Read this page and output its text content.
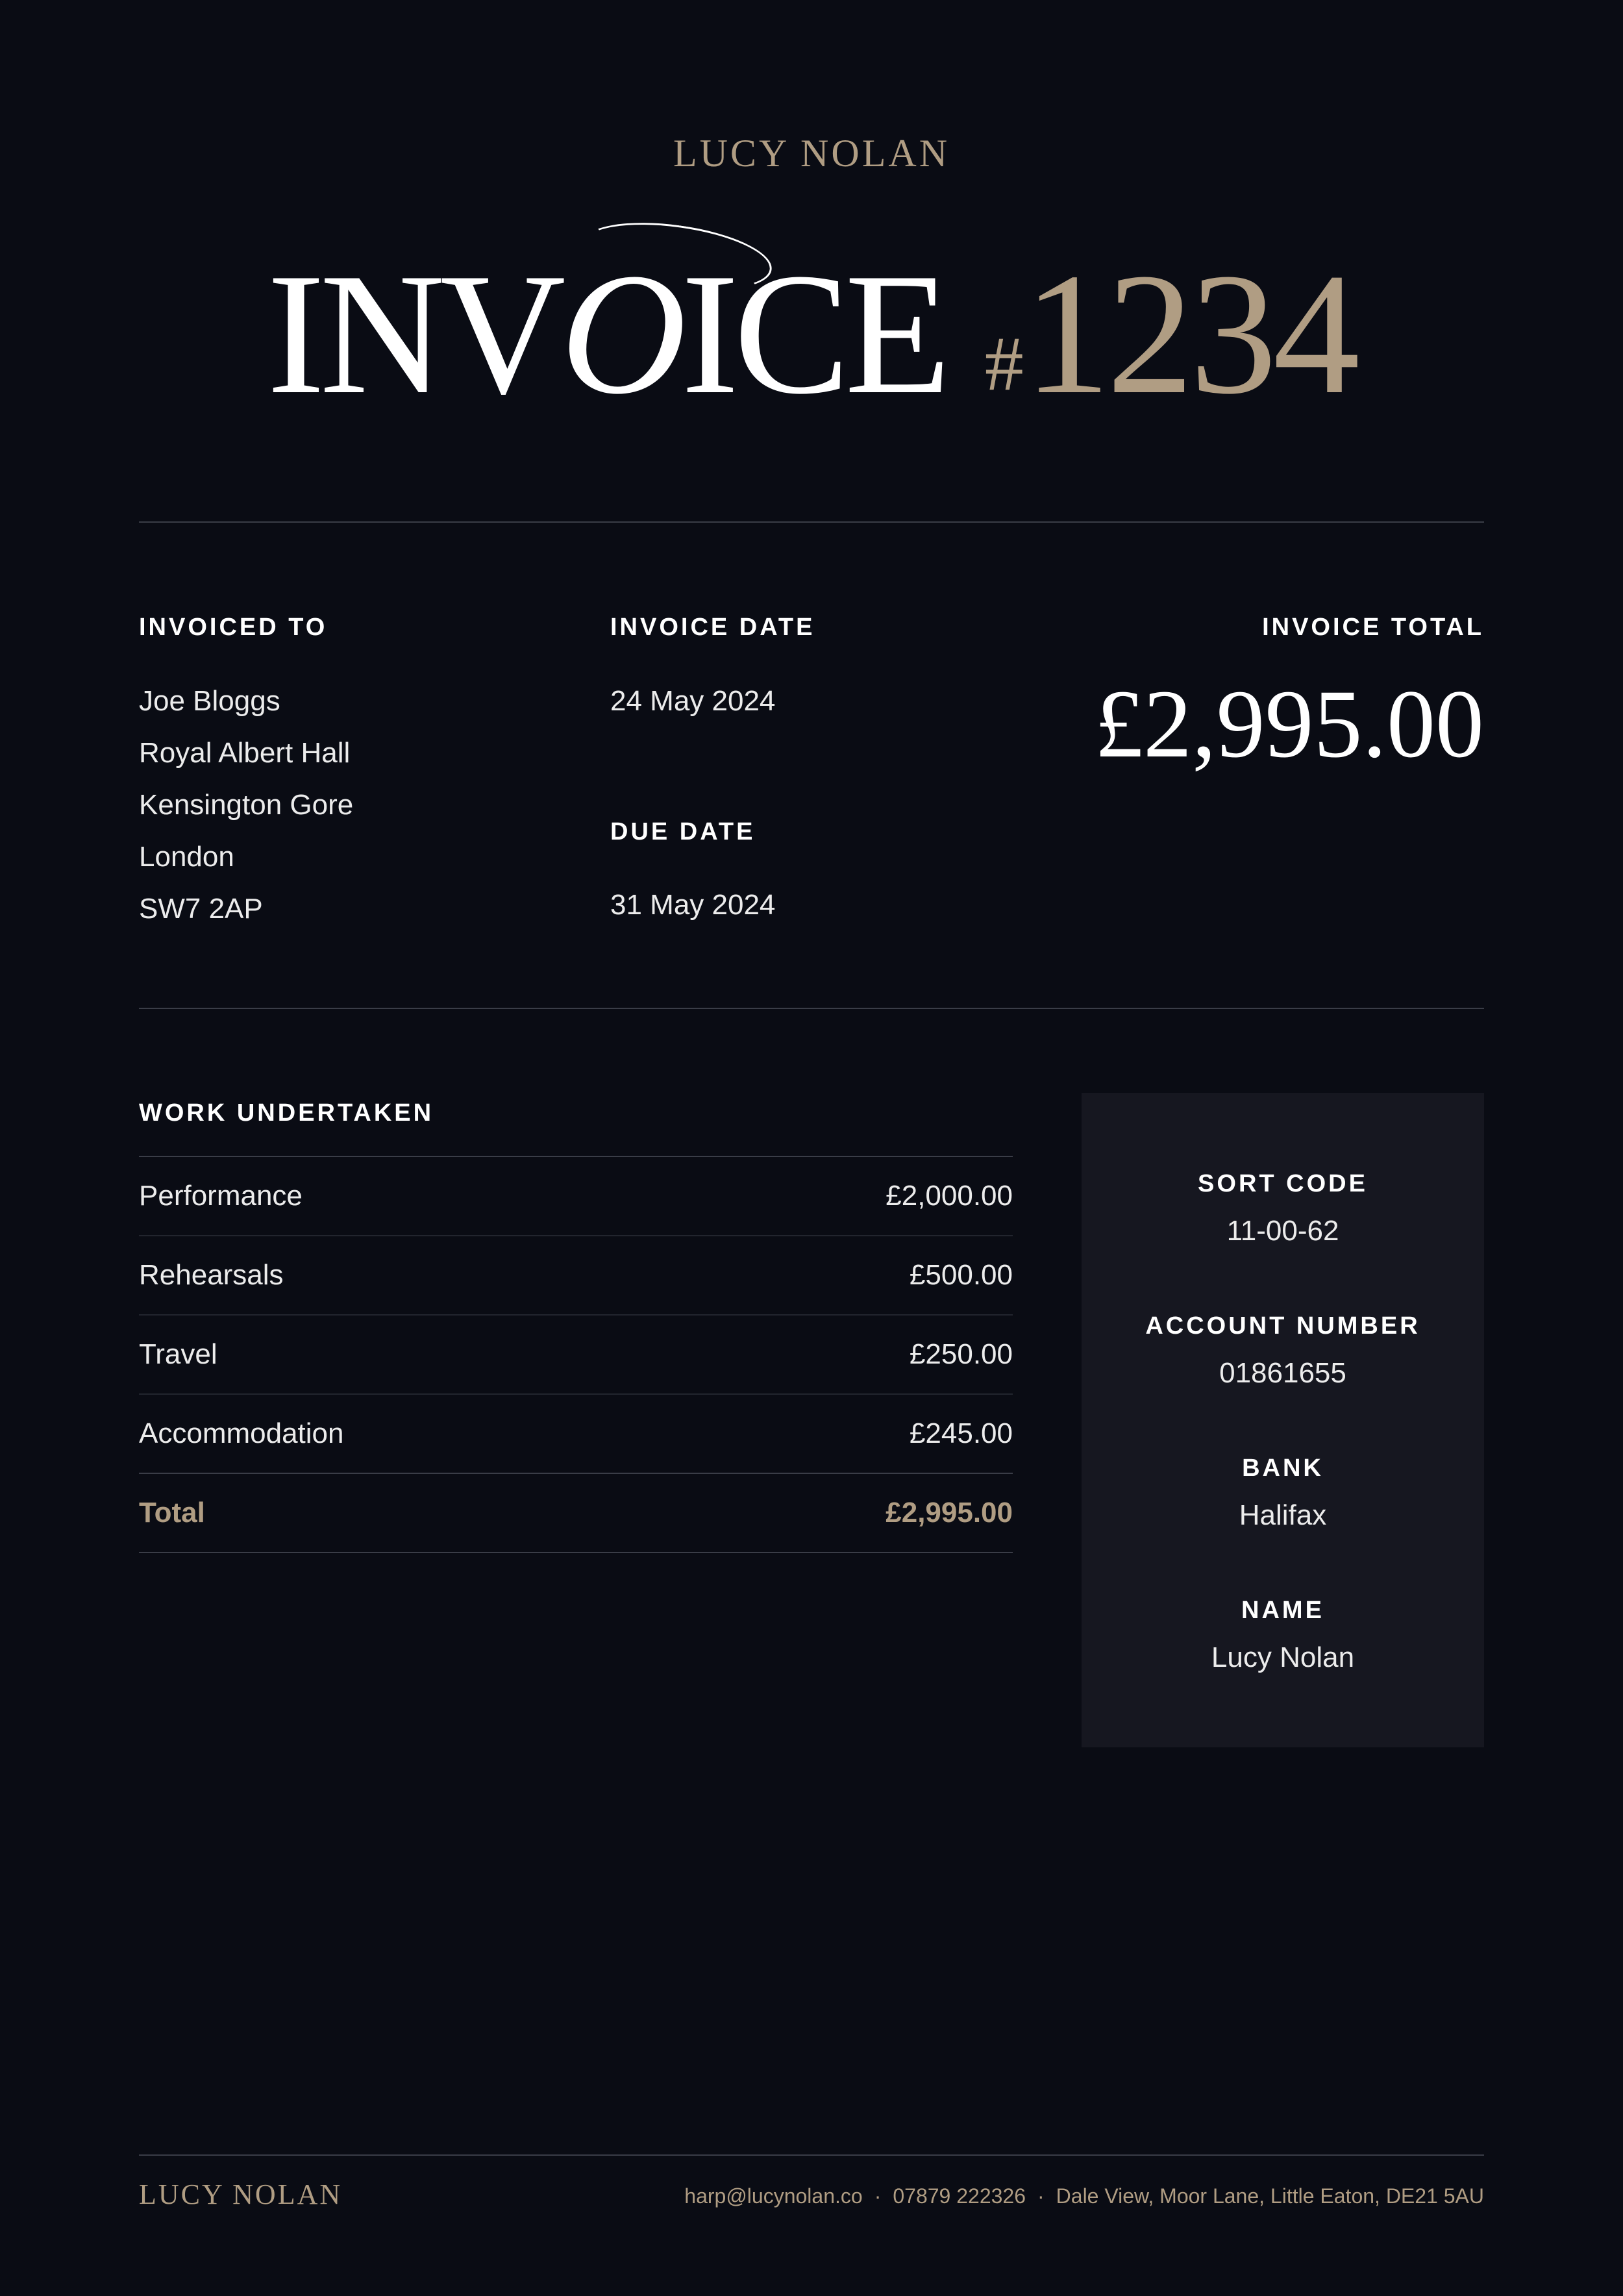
LUCY NOLAN
INVOICE #1234
INVOICED TO
Joe Bloggs
Royal Albert Hall
Kensington Gore
London
SW7 2AP
INVOICE DATE
24 May 2024
DUE DATE
31 May 2024
INVOICE TOTAL
£2,995.00
WORK UNDERTAKEN
Performance	£2,000.00
Rehearsals	£500.00
Travel	£250.00
Accommodation	£245.00
Total	£2,995.00
SORT CODE
11-00-62
ACCOUNT NUMBER
01861655
BANK
Halifax
NAME
Lucy Nolan
LUCY NOLAN	harp@lucynolan.co · 07879 222326 · Dale View, Moor Lane, Little Eaton, DE21 5AU
